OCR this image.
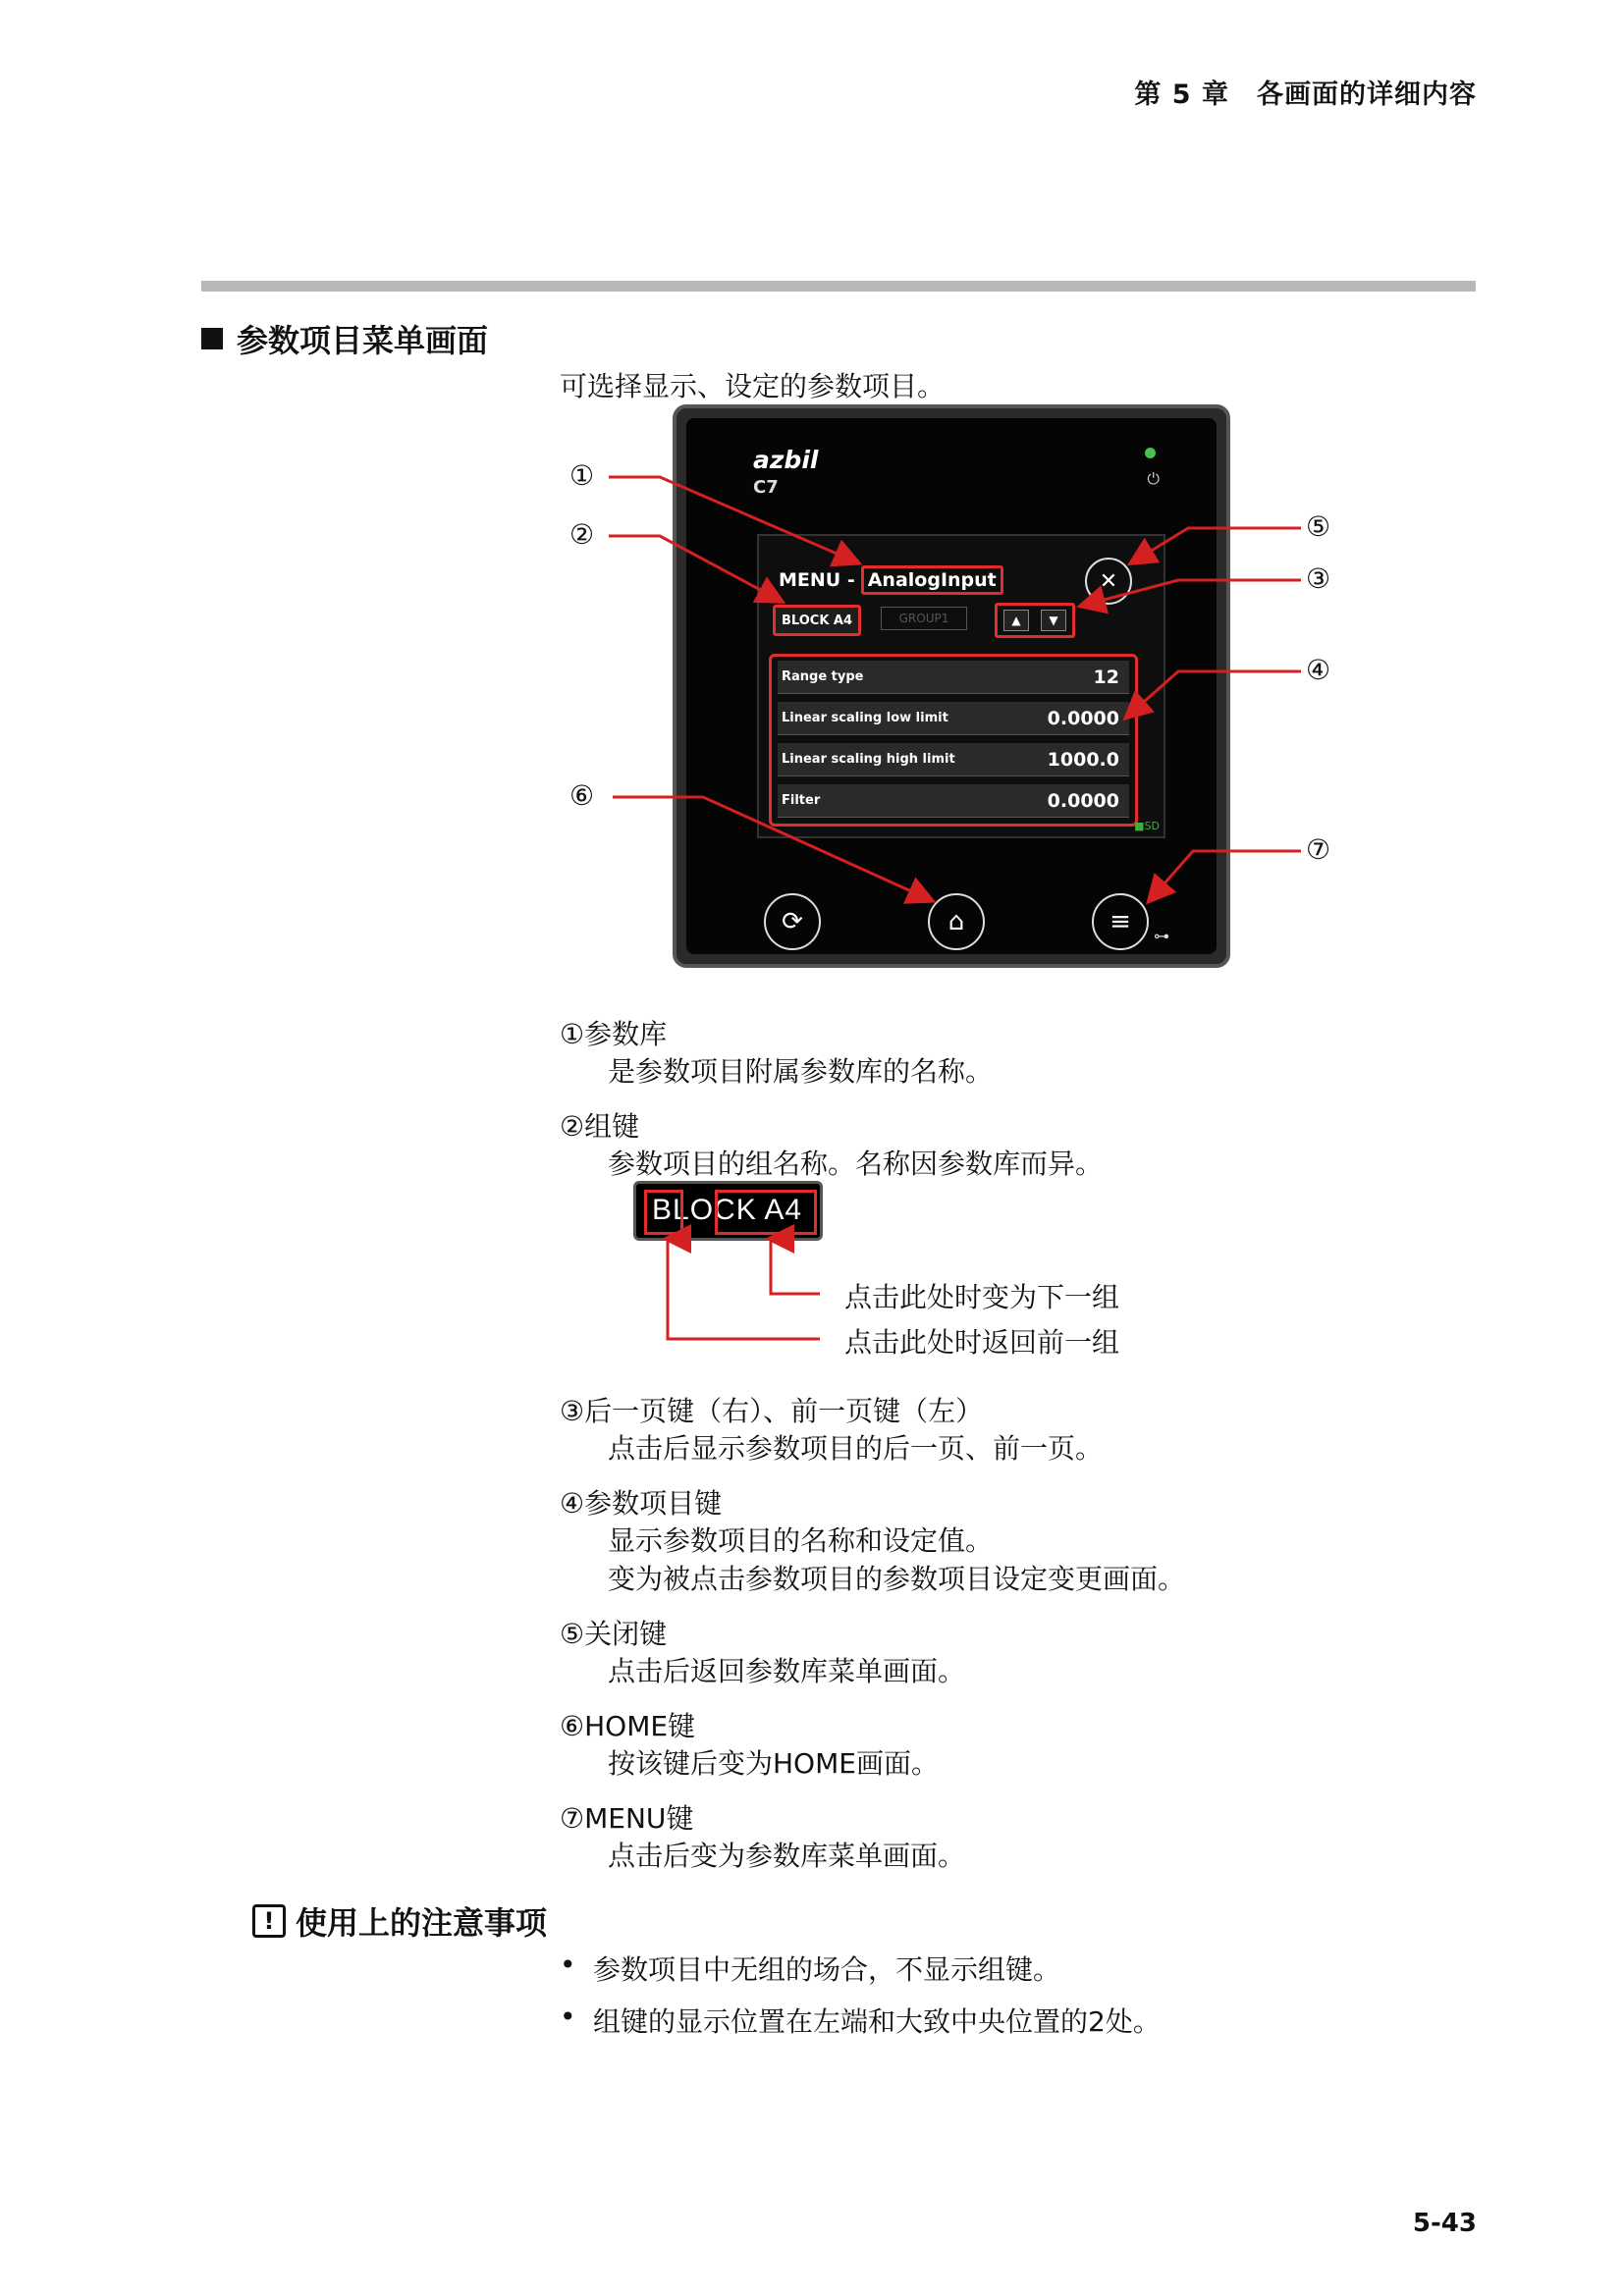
第 5 章　各画面的详细内容
参数项目菜单画面
可选择显示、设定的参数项目。
azbil
C7	⏻
MENU - AnalogInput	✕
BLOCK A4	GROUP1	▲	▼
Range type	12
Linear scaling low limit	0.0000
Linear scaling high limit	1000.0
Filter	0.0000
■SD
⟳	⌂	≡	⊶
①
②
③
④
⑤
⑥
⑦
①参数库
是参数项目附属参数库的名称。
②组键
参数项目的组名称。名称因参数库而异。
BLOCK A4
点击此处时变为下一组
点击此处时返回前一组
③后一页键（右）、前一页键（左）
点击后显示参数项目的后一页、前一页。
④参数项目键
显示参数项目的名称和设定值。
变为被点击参数项目的参数项目设定变更画面。
⑤关闭键
点击后返回参数库菜单画面。
⑥HOME键
按该键后变为HOME画面。
⑦MENU键
点击后变为参数库菜单画面。
! 使用上的注意事项
• 参数项目中无组的场合，不显示组键。
• 组键的显示位置在左端和大致中央位置的2处。
5-43
